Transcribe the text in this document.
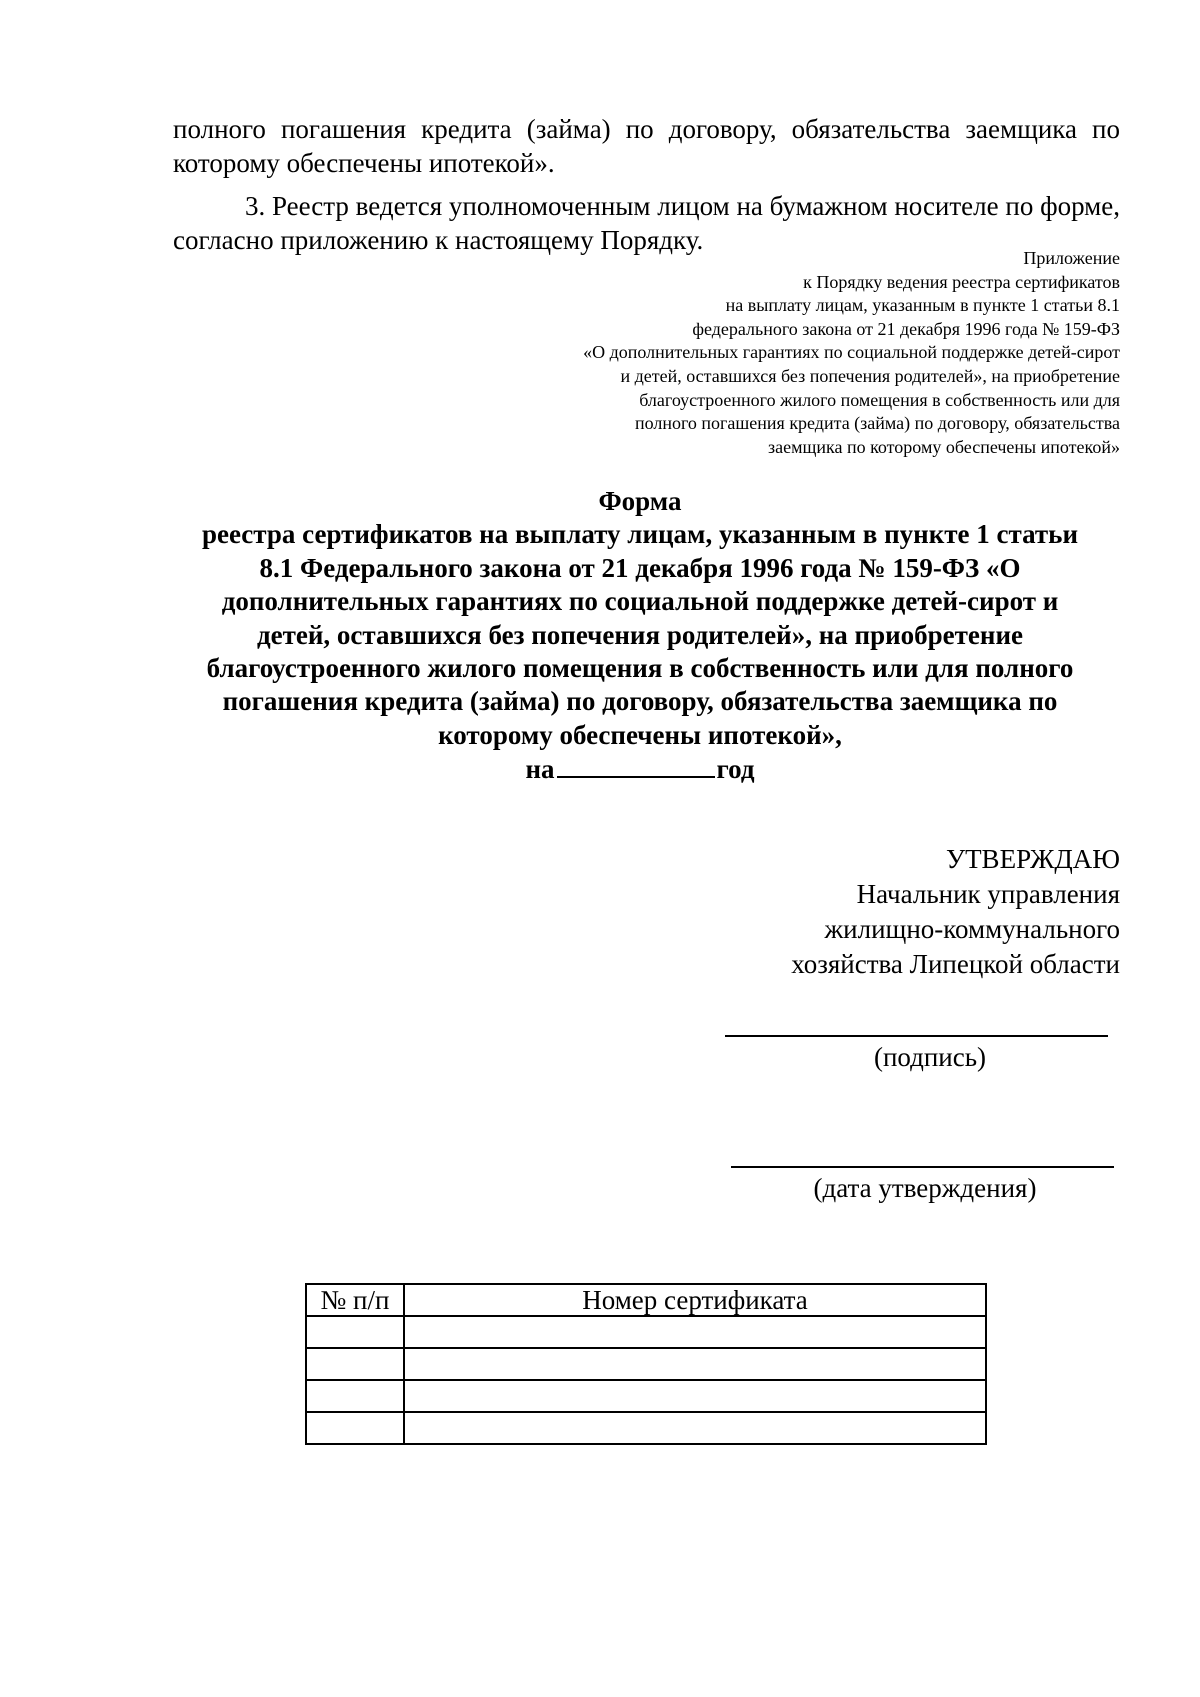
полного погашения кредита (займа) по договору, обязательства заемщика по которому обеспечены ипотекой».

3. Реестр ведется уполномоченным лицом на бумажном носителе по форме, согласно приложению к настоящему Порядку.

Приложение
к Порядку ведения реестра сертификатов
на выплату лицам, указанным в пункте 1 статьи 8.1
федерального закона от 21 декабря 1996 года № 159-ФЗ
«О дополнительных гарантиях по социальной поддержке детей-сирот
и детей, оставшихся без попечения родителей», на приобретение
благоустроенного жилого помещения в собственность или для
полного погашения кредита (займа) по договору, обязательства
заемщика по которому обеспечены ипотекой»
Форма
реестра сертификатов на выплату лицам, указанным в пункте 1 статьи
8.1 Федерального закона от 21 декабря 1996 года № 159-ФЗ «О
дополнительных гарантиях по социальной поддержке детей-сирот и
детей, оставшихся без попечения родителей», на приобретение
благоустроенного жилого помещения в собственность или для полного
погашения кредита (займа) по договору, обязательства заемщика по
которому обеспечены ипотекой»,
на	год
УТВЕРЖДАЮ
Начальник управления
жилищно-коммунального
хозяйства Липецкой области
(подпись)
(дата утверждения)
№ п/п	Номер сертификата
